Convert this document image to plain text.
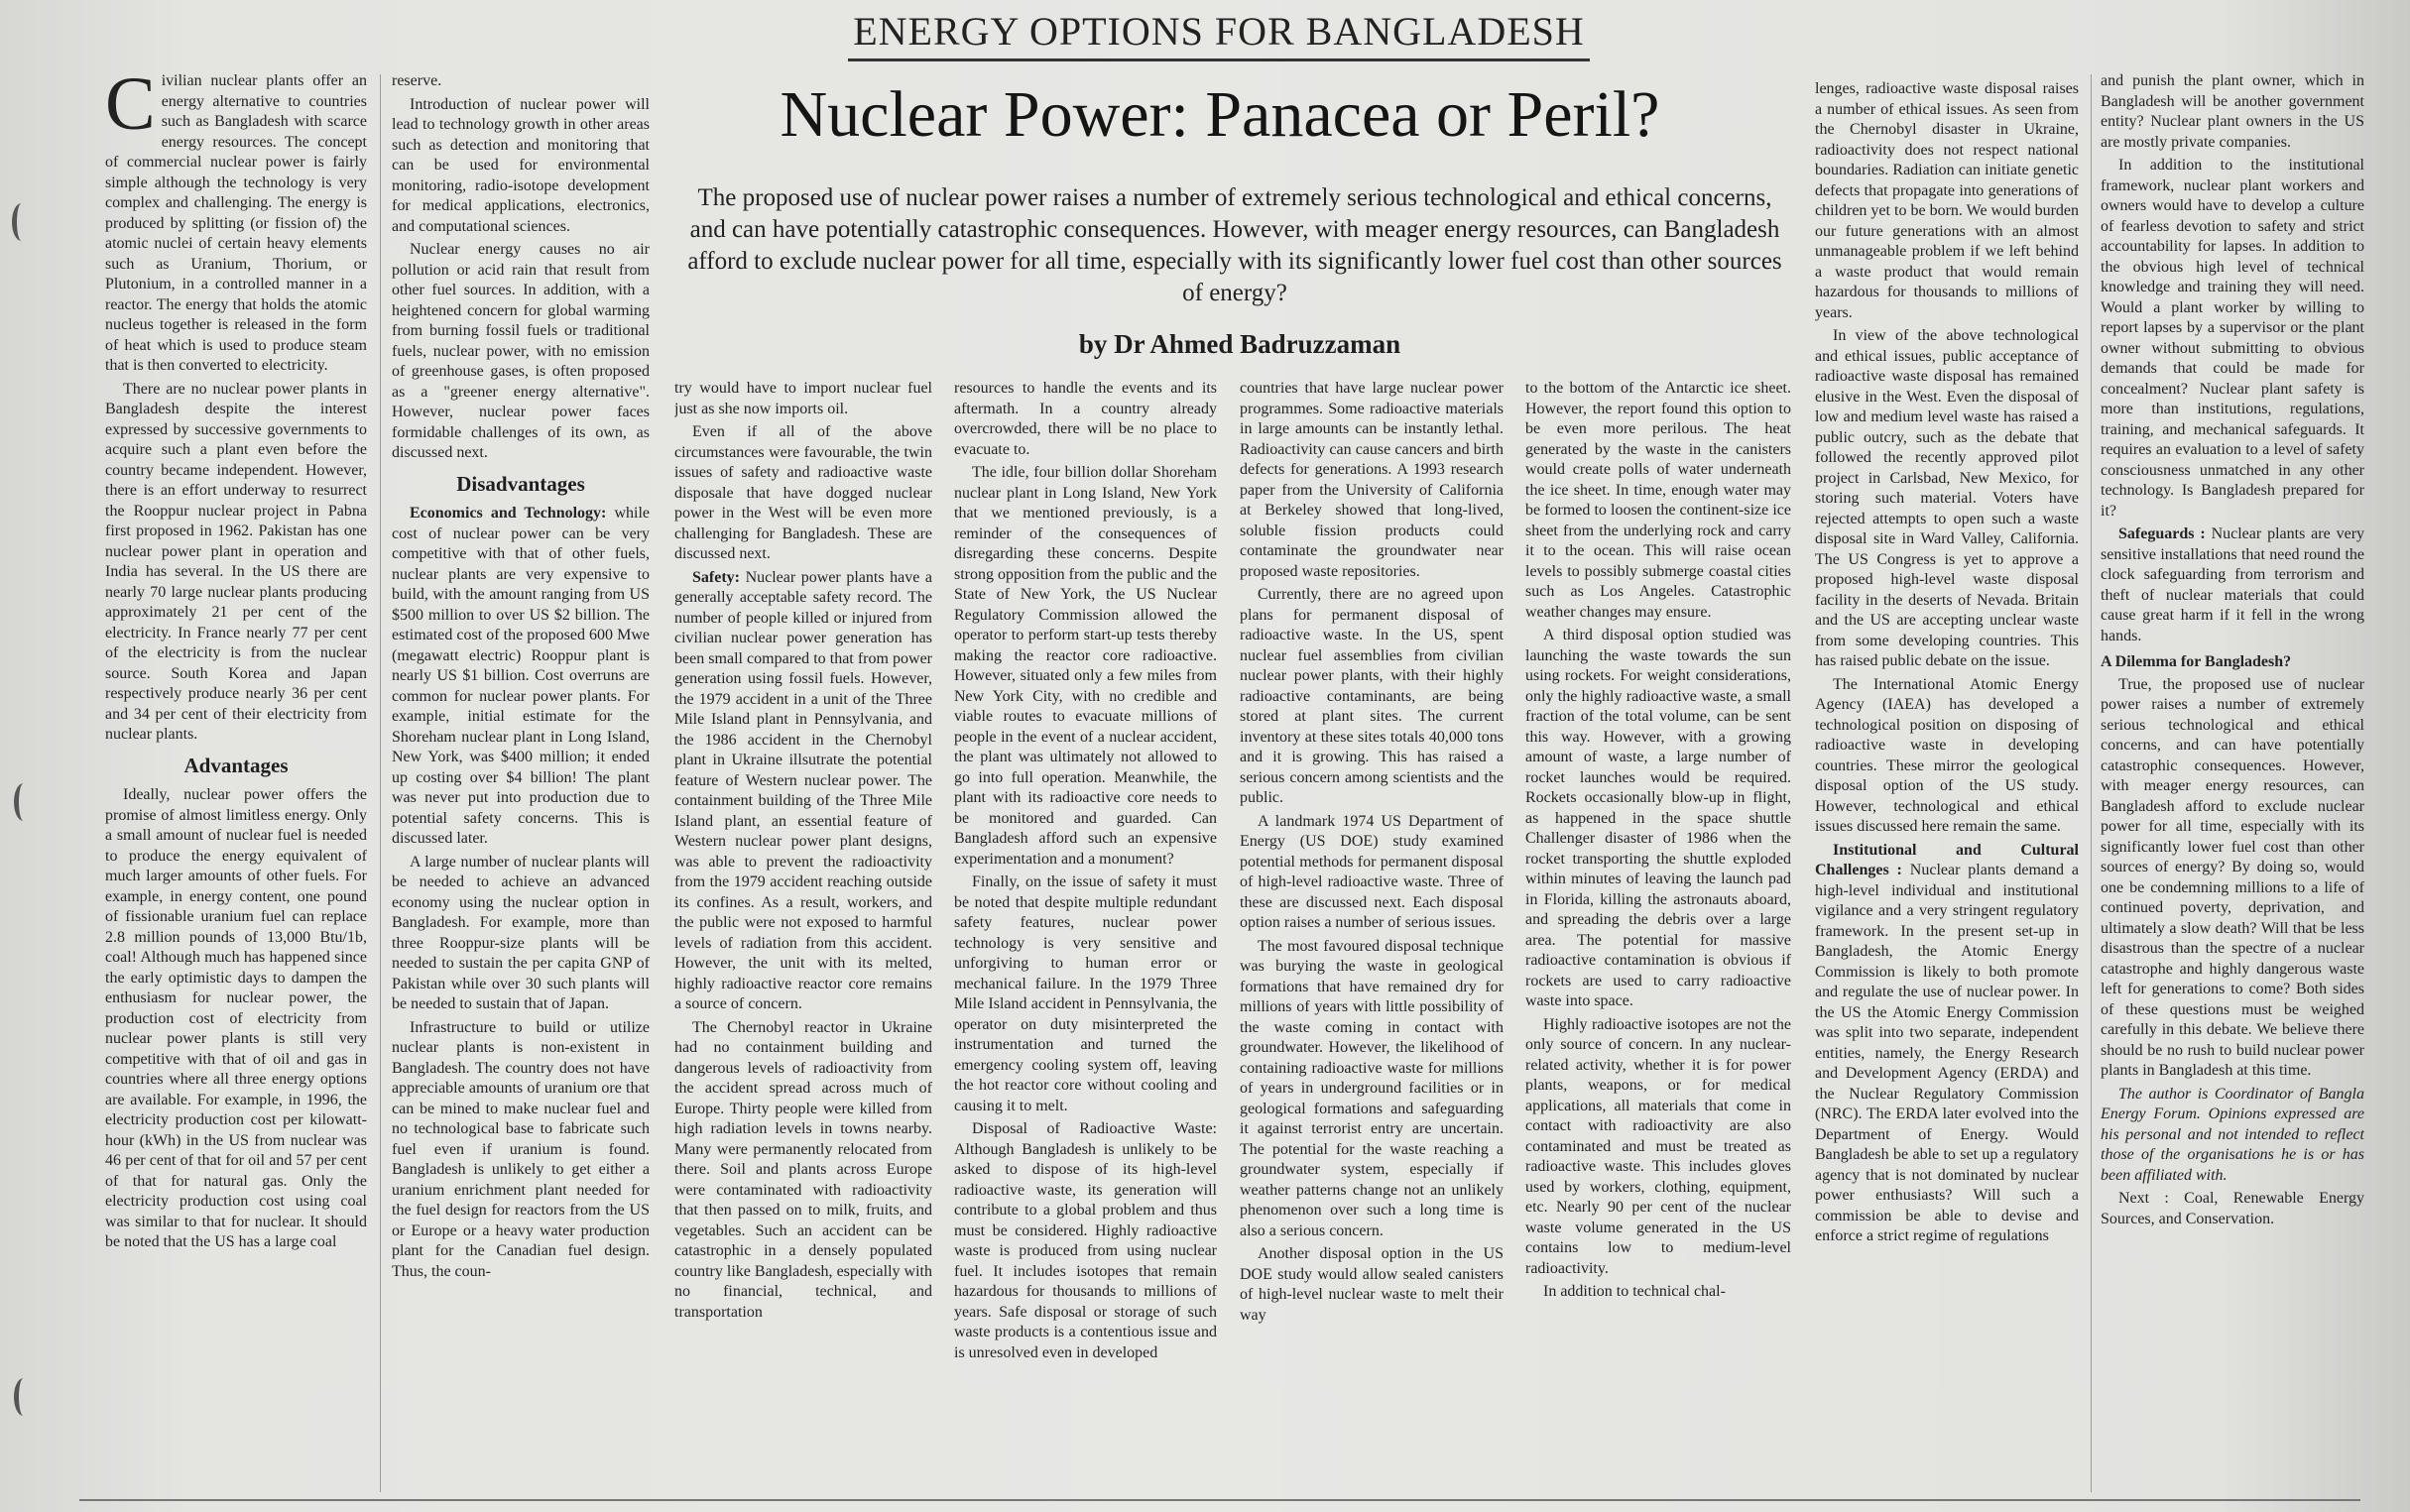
ENERGY OPTIONS FOR BANGLADESH
Nuclear Power: Panacea or Peril?

The proposed use of nuclear power raises a number of extremely serious technological and ethical concerns, and can have potentially catastrophic consequences. However, with meager energy resources, can Bangladesh afford to exclude nuclear power for all time, especially with its significantly lower fuel cost than other sources of energy?

by Dr Ahmed Badruzzaman

Civilian nuclear plants offer an energy alternative to countries such as Bangladesh with scarce energy resources. The concept of commercial nuclear power is fairly simple although the technology is very complex and challenging. The energy is produced by splitting (or fission of) the atomic nuclei of certain heavy elements such as Uranium, Thorium, or Plutonium, in a controlled manner in a reactor. The energy that holds the atomic nucleus together is released in the form of heat which is used to produce steam that is then converted to electricity.

There are no nuclear power plants in Bangladesh despite the interest expressed by successive governments to acquire such a plant even before the country became independent. However, there is an effort underway to resurrect the Rooppur nuclear project in Pabna first proposed in 1962. Pakistan has one nuclear power plant in operation and India has several. In the US there are nearly 70 large nuclear plants producing approximately 21 per cent of the electricity. In France nearly 77 per cent of the electricity is from the nuclear source. South Korea and Japan respectively produce nearly 36 per cent and 34 per cent of their electricity from nuclear plants.

Advantages

Ideally, nuclear power offers the promise of almost limitless energy. Only a small amount of nuclear fuel is needed to produce the energy equivalent of much larger amounts of other fuels. For example, in energy content, one pound of fissionable uranium fuel can replace 2.8 million pounds of 13,000 Btu/1b, coal! Although much has happened since the early optimistic days to dampen the enthusiasm for nuclear power, the production cost of electricity from nuclear power plants is still very competitive with that of oil and gas in countries where all three energy options are available. For example, in 1996, the electricity production cost per kilowatt-hour (kWh) in the US from nuclear was 46 per cent of that for oil and 57 per cent of that for natural gas. Only the electricity production cost using coal was similar to that for nuclear. It should be noted that the US has a large coal

reserve.

Introduction of nuclear power will lead to technology growth in other areas such as detection and monitoring that can be used for environmental monitoring, radio-isotope development for medical applications, electronics, and computational sciences.

Nuclear energy causes no air pollution or acid rain that result from other fuel sources. In addition, with a heightened concern for global warming from burning fossil fuels or traditional fuels, nuclear power, with no emission of greenhouse gases, is often proposed as a "greener energy alternative". However, nuclear power faces formidable challenges of its own, as discussed next.

Disadvantages

Economics and Technology: while cost of nuclear power can be very competitive with that of other fuels, nuclear plants are very expensive to build, with the amount ranging from US $500 million to over US $2 billion. The estimated cost of the proposed 600 Mwe (megawatt electric) Rooppur plant is nearly US $1 billion. Cost overruns are common for nuclear power plants. For example, initial estimate for the Shoreham nuclear plant in Long Island, New York, was $400 million; it ended up costing over $4 billion! The plant was never put into production due to potential safety concerns. This is discussed later.

A large number of nuclear plants will be needed to achieve an advanced economy using the nuclear option in Bangladesh. For example, more than three Rooppur-size plants will be needed to sustain the per capita GNP of Pakistan while over 30 such plants will be needed to sustain that of Japan.

Infrastructure to build or utilize nuclear plants is non-existent in Bangladesh. The country does not have appreciable amounts of uranium ore that can be mined to make nuclear fuel and no technological base to fabricate such fuel even if uranium is found. Bangladesh is unlikely to get either a uranium enrichment plant needed for the fuel design for reactors from the US or Europe or a heavy water production plant for the Canadian fuel design. Thus, the coun-

try would have to import nuclear fuel just as she now imports oil.

Even if all of the above circumstances were favourable, the twin issues of safety and radioactive waste disposale that have dogged nuclear power in the West will be even more challenging for Bangladesh. These are discussed next.

Safety: Nuclear power plants have a generally acceptable safety record. The number of people killed or injured from civilian nuclear power generation has been small compared to that from power generation using fossil fuels. However, the 1979 accident in a unit of the Three Mile Island plant in Pennsylvania, and the 1986 accident in the Chernobyl plant in Ukraine illsutrate the potential feature of Western nuclear power. The containment building of the Three Mile Island plant, an essential feature of Western nuclear power plant designs, was able to prevent the radioactivity from the 1979 accident reaching outside its confines. As a result, workers, and the public were not exposed to harmful levels of radiation from this accident. However, the unit with its melted, highly radioactive reactor core remains a source of concern.

The Chernobyl reactor in Ukraine had no containment building and dangerous levels of radioactivity from the accident spread across much of Europe. Thirty people were killed from high radiation levels in towns nearby. Many were permanently relocated from there. Soil and plants across Europe were contaminated with radioactivity that then passed on to milk, fruits, and vegetables. Such an accident can be catastrophic in a densely populated country like Bangladesh, especially with no financial, technical, and transportation

resources to handle the events and its aftermath. In a country already overcrowded, there will be no place to evacuate to.

The idle, four billion dollar Shoreham nuclear plant in Long Island, New York that we mentioned previously, is a reminder of the consequences of disregarding these concerns. Despite strong opposition from the public and the State of New York, the US Nuclear Regulatory Commission allowed the operator to perform start-up tests thereby making the reactor core radioactive. However, situated only a few miles from New York City, with no credible and viable routes to evacuate millions of people in the event of a nuclear accident, the plant was ultimately not allowed to go into full operation. Meanwhile, the plant with its radioactive core needs to be monitored and guarded. Can Bangladesh afford such an expensive experimentation and a monument?

Finally, on the issue of safety it must be noted that despite multiple redundant safety features, nuclear power technology is very sensitive and unforgiving to human error or mechanical failure. In the 1979 Three Mile Island accident in Pennsylvania, the operator on duty misinterpreted the instrumentation and turned the emergency cooling system off, leaving the hot reactor core without cooling and causing it to melt.

Disposal of Radioactive Waste: Although Bangladesh is unlikely to be asked to dispose of its high-level radioactive waste, its generation will contribute to a global problem and thus must be considered. Highly radioactive waste is produced from using nuclear fuel. It includes isotopes that remain hazardous for thousands to millions of years. Safe disposal or storage of such waste products is a contentious issue and is unresolved even in developed

countries that have large nuclear power programmes. Some radioactive materials in large amounts can be instantly lethal. Radioactivity can cause cancers and birth defects for generations. A 1993 research paper from the University of California at Berkeley showed that long-lived, soluble fission products could contaminate the groundwater near proposed waste repositories.

Currently, there are no agreed upon plans for permanent disposal of radioactive waste. In the US, spent nuclear fuel assemblies from civilian nuclear power plants, with their highly radioactive contaminants, are being stored at plant sites. The current inventory at these sites totals 40,000 tons and it is growing. This has raised a serious concern among scientists and the public.

A landmark 1974 US Department of Energy (US DOE) study examined potential methods for permanent disposal of high-level radioactive waste. Three of these are discussed next. Each disposal option raises a number of serious issues.

The most favoured disposal technique was burying the waste in geological formations that have remained dry for millions of years with little possibility of the waste coming in contact with groundwater. However, the likelihood of containing radioactive waste for millions of years in underground facilities or in geological formations and safeguarding it against terrorist entry are uncertain. The potential for the waste reaching a groundwater system, especially if weather patterns change not an unlikely phenomenon over such a long time is also a serious concern.

Another disposal option in the US DOE study would allow sealed canisters of high-level nuclear waste to melt their way

to the bottom of the Antarctic ice sheet. However, the report found this option to be even more perilous. The heat generated by the waste in the canisters would create polls of water underneath the ice sheet. In time, enough water may be formed to loosen the continent-size ice sheet from the underlying rock and carry it to the ocean. This will raise ocean levels to possibly submerge coastal cities such as Los Angeles. Catastrophic weather changes may ensure.

A third disposal option studied was launching the waste towards the sun using rockets. For weight considerations, only the highly radioactive waste, a small fraction of the total volume, can be sent this way. However, with a growing amount of waste, a large number of rocket launches would be required. Rockets occasionally blow-up in flight, as happened in the space shuttle Challenger disaster of 1986 when the rocket transporting the shuttle exploded within minutes of leaving the launch pad in Florida, killing the astronauts aboard, and spreading the debris over a large area. The potential for massive radioactive contamination is obvious if rockets are used to carry radioactive waste into space.

Highly radioactive isotopes are not the only source of concern. In any nuclear-related activity, whether it is for power plants, weapons, or for medical applications, all materials that come in contact with radioactivity are also contaminated and must be treated as radioactive waste. This includes gloves used by workers, clothing, equipment, etc. Nearly 90 per cent of the nuclear waste volume generated in the US contains low to medium-level radioactivity.

In addition to technical chal-

lenges, radioactive waste disposal raises a number of ethical issues. As seen from the Chernobyl disaster in Ukraine, radioactivity does not respect national boundaries. Radiation can initiate genetic defects that propagate into generations of children yet to be born. We would burden our future generations with an almost unmanageable problem if we left behind a waste product that would remain hazardous for thousands to millions of years.

In view of the above technological and ethical issues, public acceptance of radioactive waste disposal has remained elusive in the West. Even the disposal of low and medium level waste has raised a public outcry, such as the debate that followed the recently approved pilot project in Carlsbad, New Mexico, for storing such material. Voters have rejected attempts to open such a waste disposal site in Ward Valley, California. The US Congress is yet to approve a proposed high-level waste disposal facility in the deserts of Nevada. Britain and the US are accepting unclear waste from some developing countries. This has raised public debate on the issue.

The International Atomic Energy Agency (IAEA) has developed a technological position on disposing of radioactive waste in developing countries. These mirror the geological disposal option of the US study. However, technological and ethical issues discussed here remain the same.

Institutional and Cultural Challenges : Nuclear plants demand a high-level individual and institutional vigilance and a very stringent regulatory framework. In the present set-up in Bangladesh, the Atomic Energy Commission is likely to both promote and regulate the use of nuclear power. In the US the Atomic Energy Commission was split into two separate, independent entities, namely, the Energy Research and Development Agency (ERDA) and the Nuclear Regulatory Commission (NRC). The ERDA later evolved into the Department of Energy. Would Bangladesh be able to set up a regulatory agency that is not dominated by nuclear power enthusiasts? Will such a commission be able to devise and enforce a strict regime of regulations

and punish the plant owner, which in Bangladesh will be another government entity? Nuclear plant owners in the US are mostly private companies.

In addition to the institutional framework, nuclear plant workers and owners would have to develop a culture of fearless devotion to safety and strict accountability for lapses. In addition to the obvious high level of technical knowledge and training they will need. Would a plant worker by willing to report lapses by a supervisor or the plant owner without submitting to obvious demands that could be made for concealment? Nuclear plant safety is more than institutions, regulations, training, and mechanical safeguards. It requires an evaluation to a level of safety consciousness unmatched in any other technology. Is Bangladesh prepared for it?

Safeguards : Nuclear plants are very sensitive installations that need round the clock safeguarding from terrorism and theft of nuclear materials that could cause great harm if it fell in the wrong hands.

A Dilemma for Bangladesh?

True, the proposed use of nuclear power raises a number of extremely serious technological and ethical concerns, and can have potentially catastrophic consequences. However, with meager energy resources, can Bangladesh afford to exclude nuclear power for all time, especially with its significantly lower fuel cost than other sources of energy? By doing so, would one be condemning millions to a life of continued poverty, deprivation, and ultimately a slow death? Will that be less disastrous than the spectre of a nuclear catastrophe and highly dangerous waste left for generations to come? Both sides of these questions must be weighed carefully in this debate. We believe there should be no rush to build nuclear power plants in Bangladesh at this time.

The author is Coordinator of Bangla Energy Forum. Opinions expressed are his personal and not intended to reflect those of the organisations he is or has been affiliated with.

Next : Coal, Renewable Energy Sources, and Conservation.
